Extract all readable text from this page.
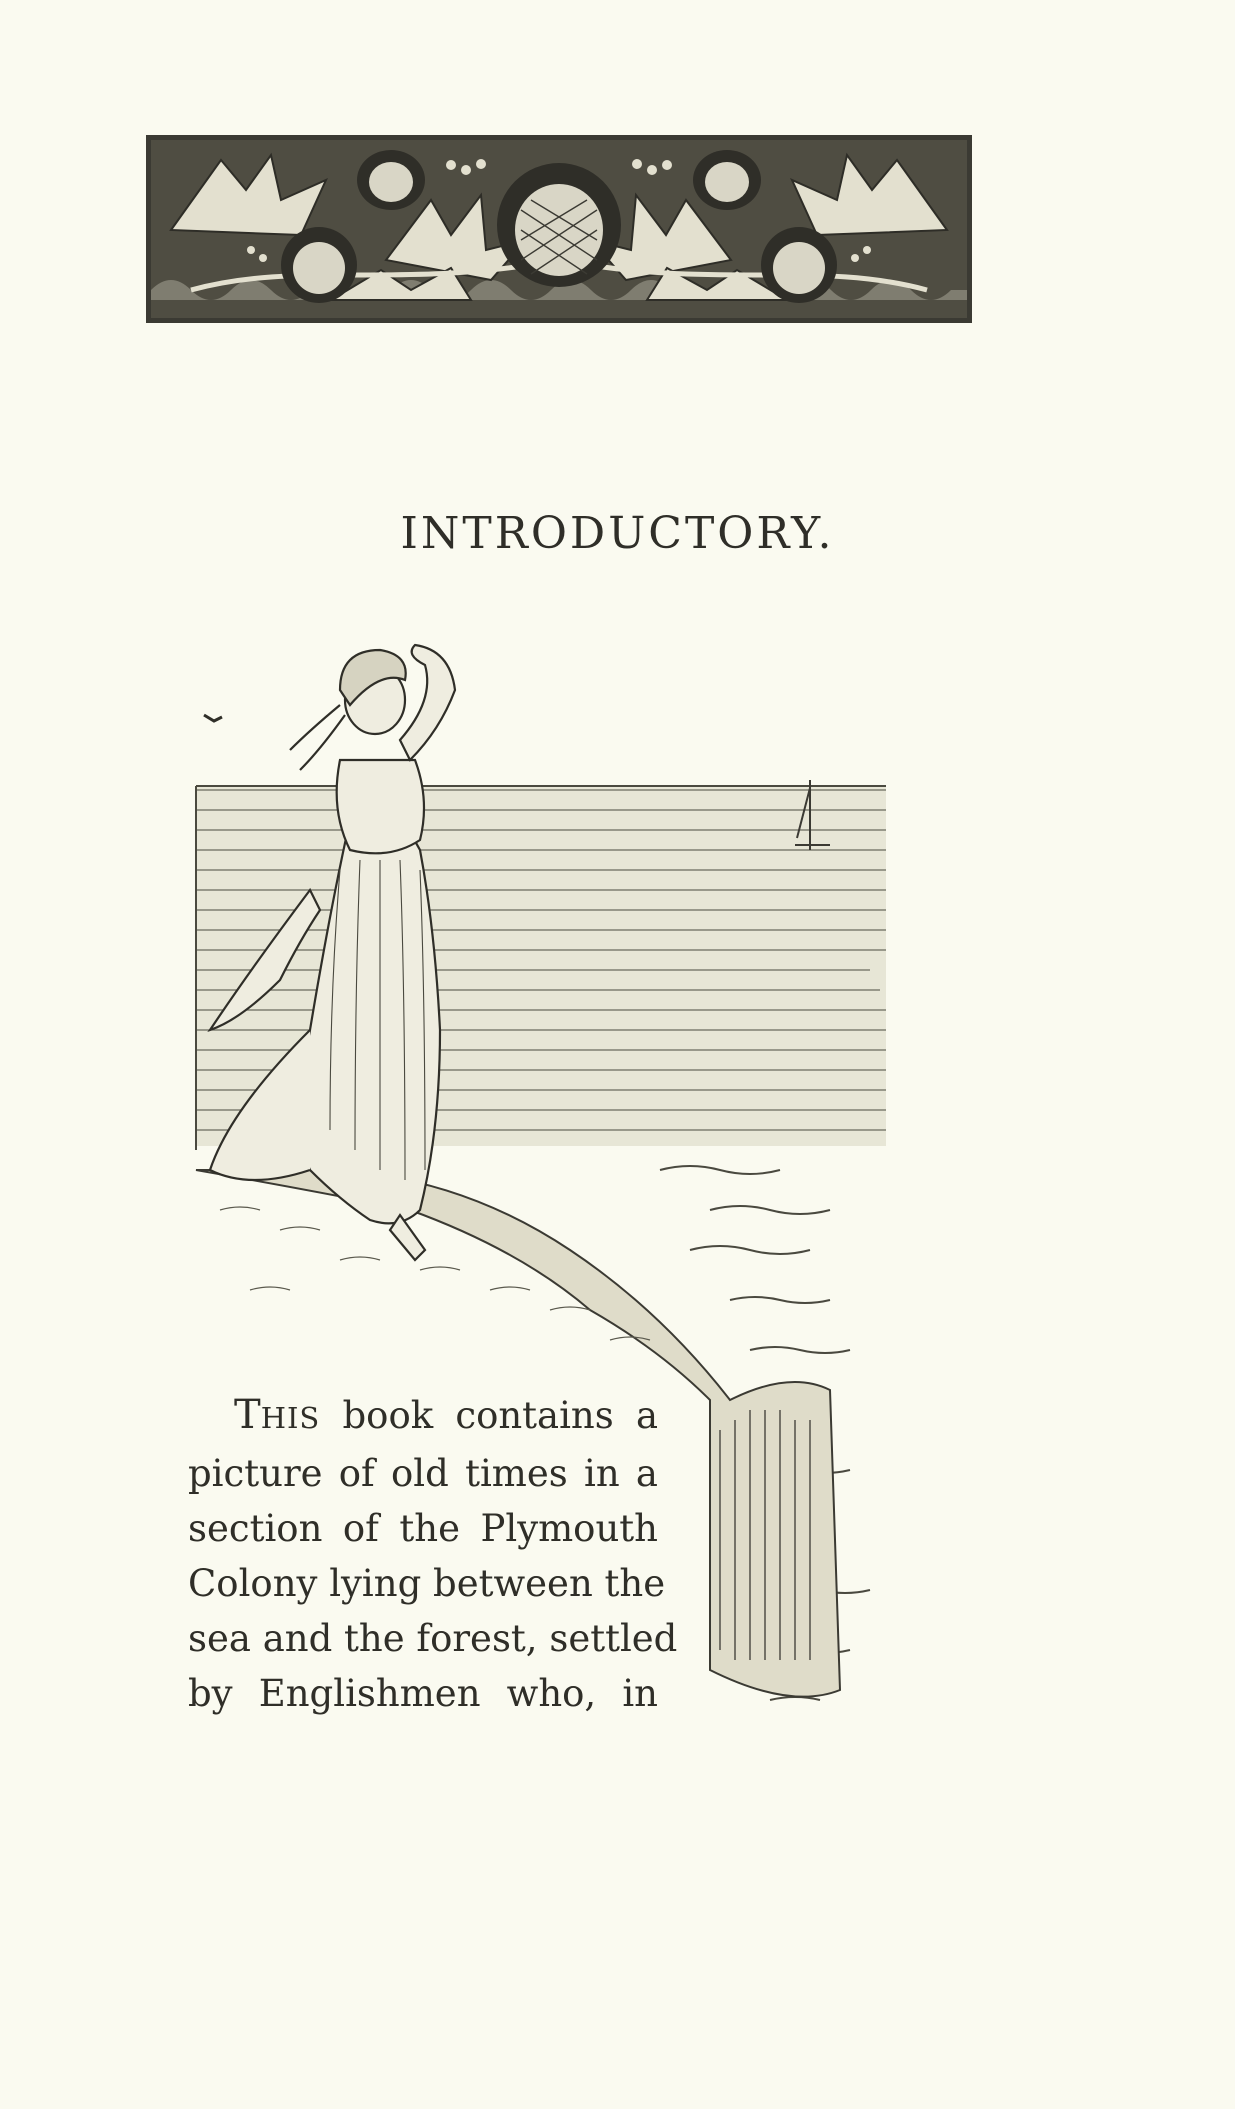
INTRODUCTORY.
THIS book contains a
picture of old times in a
section of the Plymouth
Colony lying between the
sea and the forest, settled
by Englishmen who, in
